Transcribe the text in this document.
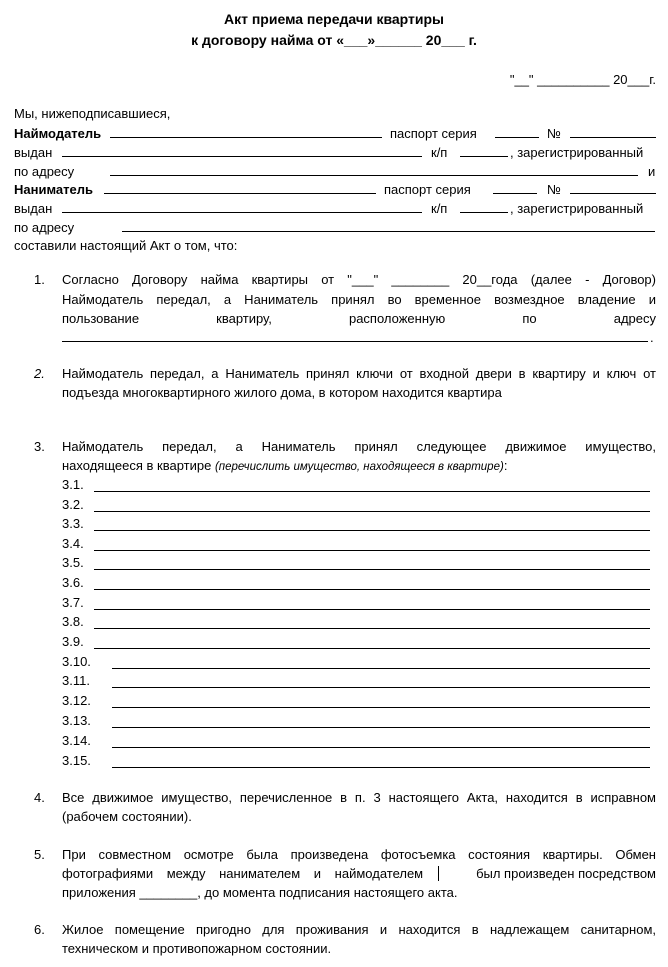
Акт приема передачи квартиры
к договору найма от «___»______ 20___ г.
"__" __________ 20___г.
Мы, нижеподписавшиеся,
Наймодатель	паспорт серия	№
выдан	к/п	, зарегистрированный
по адресу	и
Наниматель	паспорт серия	№
выдан	к/п	, зарегистрированный
по адресу
составили настоящий Акт о том, что:
1. Согласно Договору найма квартиры от "___" ________ 20__года (далее - Договор)
Наймодатель передал, а Наниматель принял во временное возмездное владение и
пользование квартиру, расположенную по адресу
.
2. Наймодатель передал, а Наниматель принял ключи от входной двери в квартиру и ключ от
подъезда многоквартирного жилого дома, в котором находится квартира
3. Наймодатель передал, а Наниматель принял следующее движимое имущество,
находящееся в квартире (перечислить имущество, находящееся в квартире):
3.1.
3.2.
3.3.
3.4.
3.5.
3.6.
3.7.
3.8.
3.9.
3.10.
3.11.
3.12.
3.13.
3.14.
3.15.
4. Все движимое имущество, перечисленное в п. 3 настоящего Акта, находится в исправном
(рабочем состоянии).
5. При совместном осмотре была произведена фотосъемка состояния квартиры. Обмен
фотографиями между нанимателем и наймодателем	был произведен посредством
приложения ________, до момента подписания настоящего акта.
6. Жилое помещение пригодно для проживания и находится в надлежащем санитарном,
техническом и противопожарном состоянии.
